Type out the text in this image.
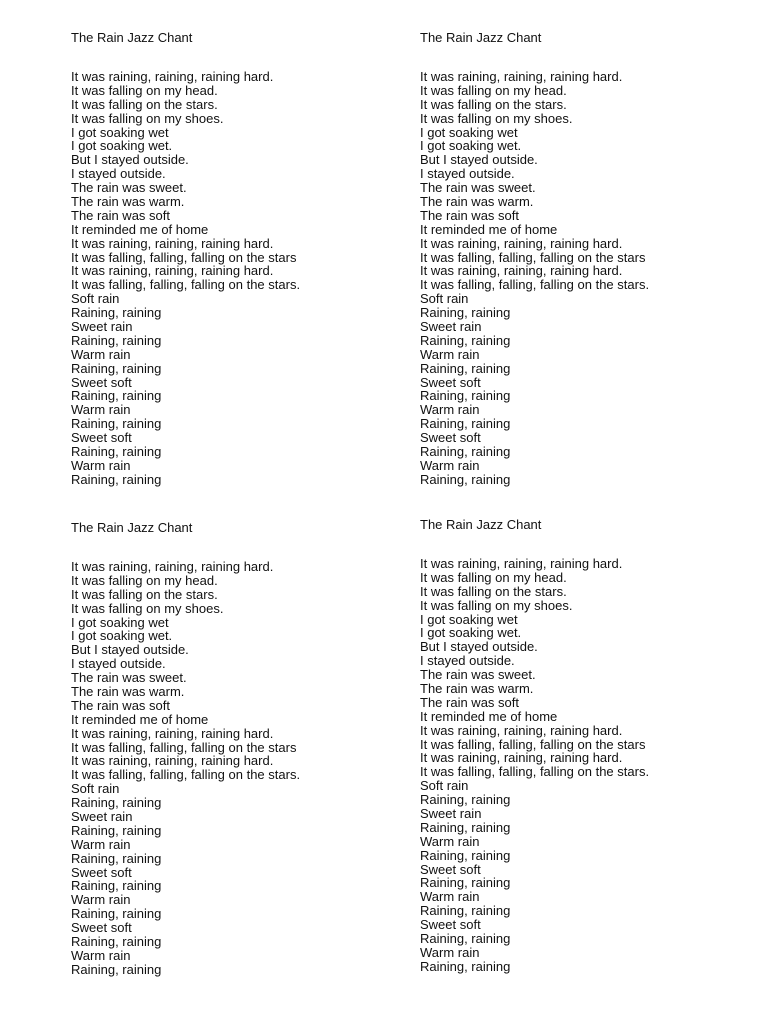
The Rain Jazz Chant
It was raining, raining, raining hard.
It was falling on my head.
It was falling on the stars.
It was falling on my shoes.
I got soaking wet
I got soaking wet.
But I stayed outside.
I stayed outside.
The rain was sweet.
The rain was warm.
The rain was soft
It reminded me of home
It was raining, raining, raining hard.
It was falling, falling, falling on the stars
It was raining, raining, raining hard.
It was falling, falling, falling on the stars.
Soft rain
Raining, raining
Sweet rain
Raining, raining
Warm rain
Raining, raining
Sweet soft
Raining, raining
Warm rain
Raining, raining
Sweet soft
Raining, raining
Warm rain
Raining, raining
The Rain Jazz Chant
It was raining, raining, raining hard.
It was falling on my head.
It was falling on the stars.
It was falling on my shoes.
I got soaking wet
I got soaking wet.
But I stayed outside.
I stayed outside.
The rain was sweet.
The rain was warm.
The rain was soft
It reminded me of home
It was raining, raining, raining hard.
It was falling, falling, falling on the stars
It was raining, raining, raining hard.
It was falling, falling, falling on the stars.
Soft rain
Raining, raining
Sweet rain
Raining, raining
Warm rain
Raining, raining
Sweet soft
Raining, raining
Warm rain
Raining, raining
Sweet soft
Raining, raining
Warm rain
Raining, raining
The Rain Jazz Chant
It was raining, raining, raining hard.
It was falling on my head.
It was falling on the stars.
It was falling on my shoes.
I got soaking wet
I got soaking wet.
But I stayed outside.
I stayed outside.
The rain was sweet.
The rain was warm.
The rain was soft
It reminded me of home
It was raining, raining, raining hard.
It was falling, falling, falling on the stars
It was raining, raining, raining hard.
It was falling, falling, falling on the stars.
Soft rain
Raining, raining
Sweet rain
Raining, raining
Warm rain
Raining, raining
Sweet soft
Raining, raining
Warm rain
Raining, raining
Sweet soft
Raining, raining
Warm rain
Raining, raining
The Rain Jazz Chant
It was raining, raining, raining hard.
It was falling on my head.
It was falling on the stars.
It was falling on my shoes.
I got soaking wet
I got soaking wet.
But I stayed outside.
I stayed outside.
The rain was sweet.
The rain was warm.
The rain was soft
It reminded me of home
It was raining, raining, raining hard.
It was falling, falling, falling on the stars
It was raining, raining, raining hard.
It was falling, falling, falling on the stars.
Soft rain
Raining, raining
Sweet rain
Raining, raining
Warm rain
Raining, raining
Sweet soft
Raining, raining
Warm rain
Raining, raining
Sweet soft
Raining, raining
Warm rain
Raining, raining
